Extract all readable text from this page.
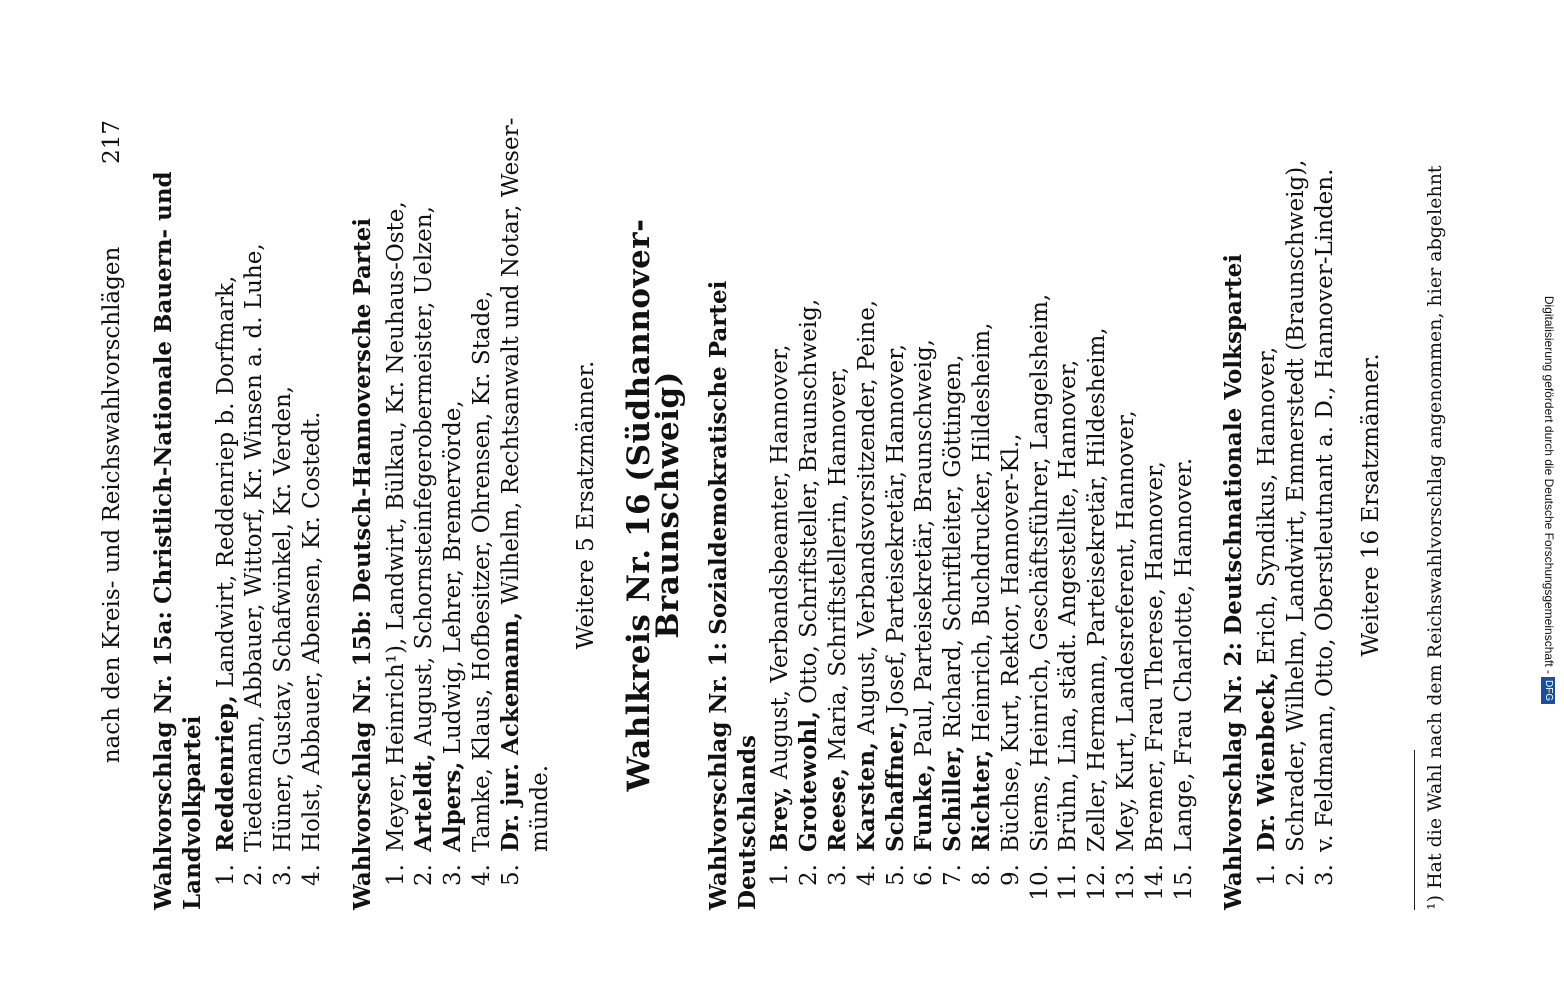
nach den Kreis- und Reichswahlvorschlägen
217
Wahlvorschlag Nr. 15a: Christlich-Nationale Bauern- und Landvolkpartei 1.
Reddenriep, Landwirt, Reddenriep b. Dorfmark,
2.
Tiedemann, Abbauer, Wittorf, Kr. Winsen a. d. Luhe,
3.
Hüner, Gustav, Schafwinkel, Kr. Verden,
4.
Holst, Abbauer, Abensen, Kr. Costedt. Wahlvorschlag Nr. 15b: Deutsch-Hannoversche Partei
1.
Meyer, Heinrich¹), Landwirt, Bülkau, Kr. Neuhaus-Oste,
2.
Arteldt, August, Schornsteinfegerobermeister, Uelzen,
3.
Alpers, Ludwig, Lehrer, Bremervörde,
4.
Tamke, Klaus, Hofbesitzer, Ohrensen, Kr. Stade,
5.
Dr. jur. Ackemann, Wilhelm, Rechtsanwalt und Notar, Weser-
münde.
Weitere 5 Ersatzmänner. Wahlkreis Nr. 16 (Südhannover-Braunschweig)
Wahlvorschlag Nr. 1: Sozialdemokratische Partei Deutschlands 1.
Brey, August, Verbandsbeamter, Hannover,
2.
Grotewohl, Otto, Schriftsteller, Braunschweig,
3.
Reese, Maria, Schriftstellerin, Hannover,
4.
Karsten, August, Verbandsvorsitzender, Peine,
5.
Schaffner, Josef, Parteisekretär, Hannover,
6.
Funke, Paul, Parteisekretär, Braunschweig,
7.
Schiller, Richard, Schriftleiter, Göttingen,
8.
Richter, Heinrich, Buchdrucker, Hildesheim,
9.
Büchse, Kurt, Rektor, Hannover-Kl.,
10.
Siems, Heinrich, Geschäftsführer, Langelsheim,
11.
Brühn, Lina, städt. Angestellte, Hannover,
12.
Zeller, Hermann, Parteisekretär, Hildesheim,
13.
Mey, Kurt, Landesreferent, Hannover,
14.
Bremer, Frau Therese, Hannover,
15.
Lange, Frau Charlotte, Hannover. Wahlvorschlag Nr. 2: Deutschnationale Volkspartei
1.
Dr. Wienbeck, Erich, Syndikus, Hannover,
2.
Schrader, Wilhelm, Landwirt, Emmerstedt (Braunschweig),
3.
v. Feldmann, Otto, Oberstleutnant a. D., Hannover-Linden. Weitere 16 Ersatzmänner. ¹) Hat die Wahl nach dem Reichswahlvorschlag angenommen, hier abgelehnt	Digitalisierung gefördert durch die Deutsche Forschungsgemeinschaft -DFG
